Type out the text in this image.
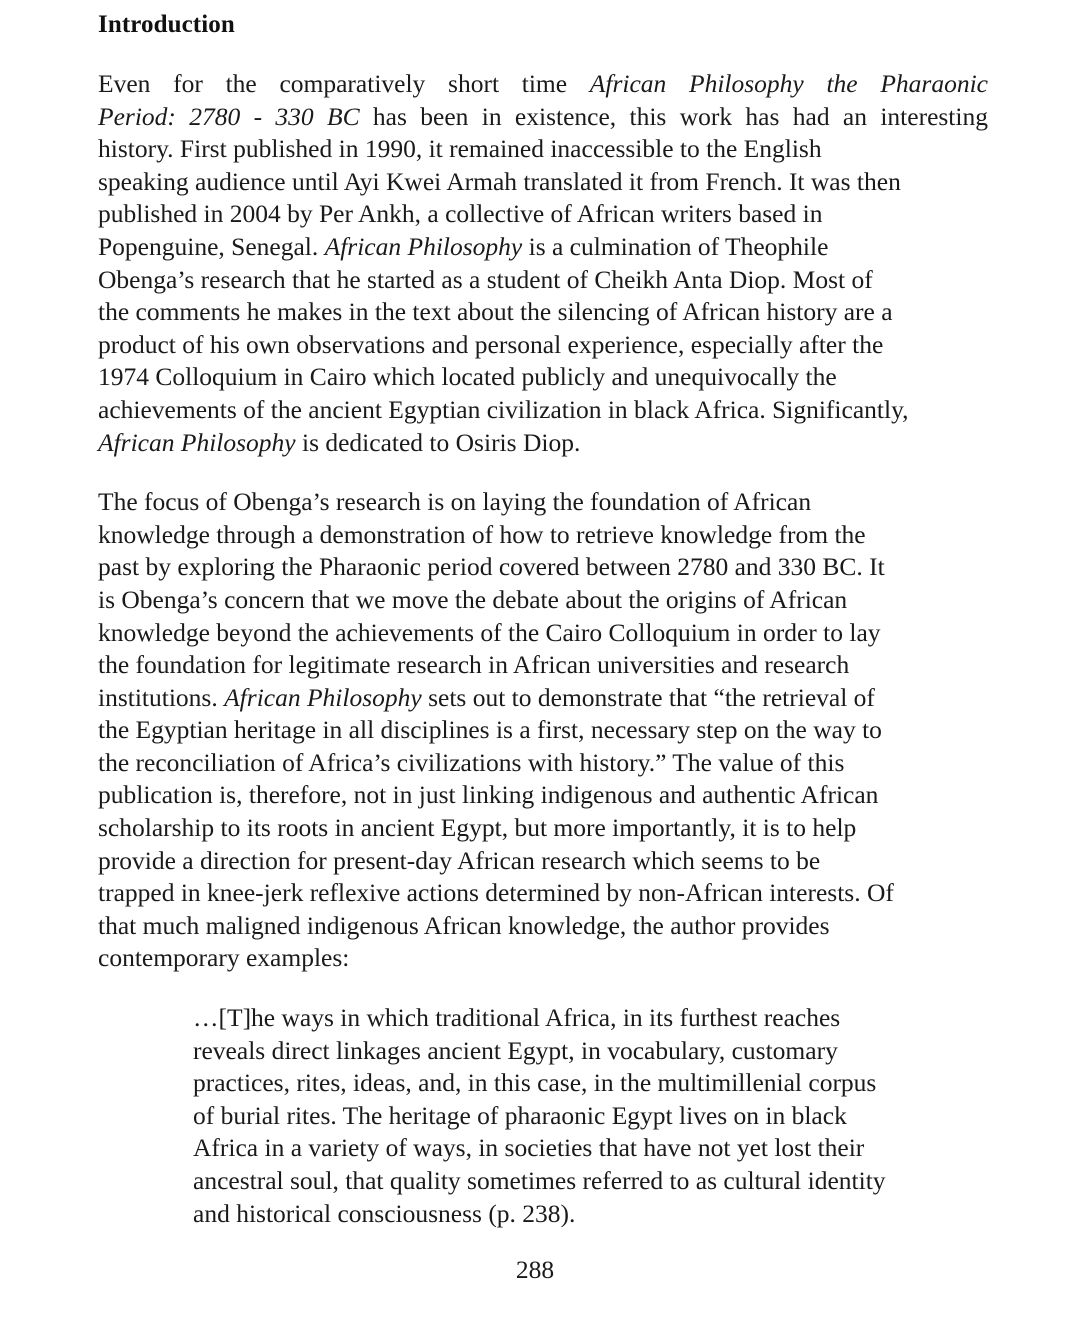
Introduction

Even for the comparatively short time African Philosophy the Pharaonic
Period: 2780 - 330 BC has been in existence, this work has had an interesting
history. First published in 1990, it remained inaccessible to the English
speaking audience until Ayi Kwei Armah translated it from French. It was then
published in 2004 by Per Ankh, a collective of African writers based in
Popenguine, Senegal. African Philosophy is a culmination of Theophile
Obenga’s research that he started as a student of Cheikh Anta Diop. Most of
the comments he makes in the text about the silencing of African history are a
product of his own observations and personal experience, especially after the
1974 Colloquium in Cairo which located publicly and unequivocally the
achievements of the ancient Egyptian civilization in black Africa. Significantly,
African Philosophy is dedicated to Osiris Diop.

The focus of Obenga’s research is on laying the foundation of African
knowledge through a demonstration of how to retrieve knowledge from the
past by exploring the Pharaonic period covered between 2780 and 330 BC. It
is Obenga’s concern that we move the debate about the origins of African
knowledge beyond the achievements of the Cairo Colloquium in order to lay
the foundation for legitimate research in African universities and research
institutions. African Philosophy sets out to demonstrate that “the retrieval of
the Egyptian heritage in all disciplines is a first, necessary step on the way to
the reconciliation of Africa’s civilizations with history.” The value of this
publication is, therefore, not in just linking indigenous and authentic African
scholarship to its roots in ancient Egypt, but more importantly, it is to help
provide a direction for present-day African research which seems to be
trapped in knee-jerk reflexive actions determined by non-African interests. Of
that much maligned indigenous African knowledge, the author provides
contemporary examples:

…[T]he ways in which traditional Africa, in its furthest reaches
reveals direct linkages ancient Egypt, in vocabulary, customary
practices, rites, ideas, and, in this case, in the multimillenial corpus
of burial rites. The heritage of pharaonic Egypt lives on in black
Africa in a variety of ways, in societies that have not yet lost their
ancestral soul, that quality sometimes referred to as cultural identity
and historical consciousness (p. 238).
288
